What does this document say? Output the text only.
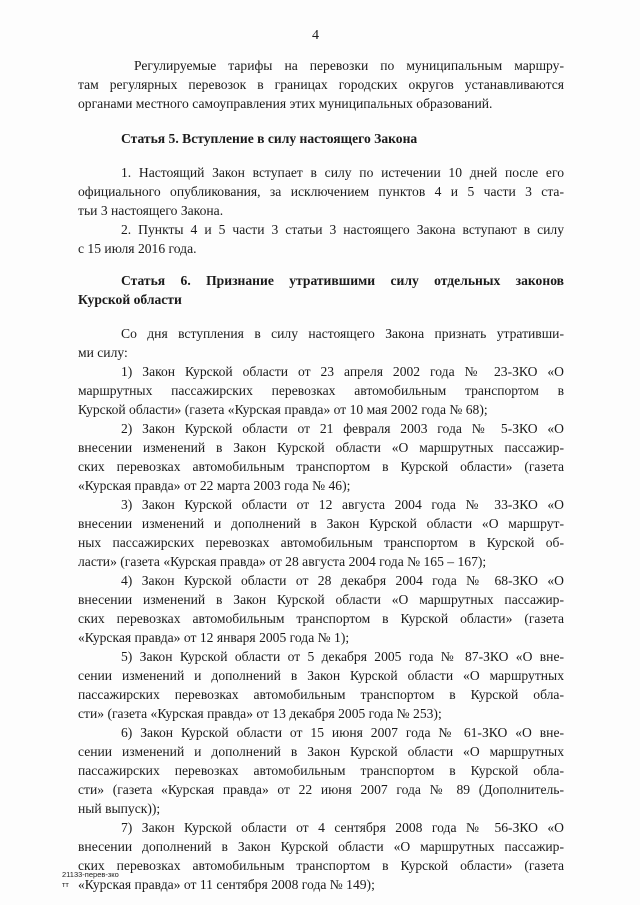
4
Регулируемые тарифы на перевозки по муниципальным маршру-
там регулярных перевозок в границах городских округов устанавливаются
органами местного самоуправления этих муниципальных образований.
Статья 5. Вступление в силу настоящего Закона
1. Настоящий Закон вступает в силу по истечении 10 дней после его
официального опубликования, за исключением пунктов 4 и 5 части 3 ста-
тьи 3 настоящего Закона.
2. Пункты 4 и 5 части 3 статьи 3 настоящего Закона вступают в силу
с 15 июля 2016 года.
Статья 6. Признание утратившими силу отдельных законов
Курской области
Со дня вступления в силу настоящего Закона признать утративши-
ми силу:
1) Закон Курской области от 23 апреля 2002 года № 23-ЗКО «О
маршрутных пассажирских перевозках автомобильным транспортом в
Курской области» (газета «Курская правда» от 10 мая 2002 года № 68);
2) Закон Курской области от 21 февраля 2003 года № 5-ЗКО «О
внесении изменений в Закон Курской области «О маршрутных пассажир-
ских перевозках автомобильным транспортом в Курской области» (газета
«Курская правда» от 22 марта 2003 года № 46);
3) Закон Курской области от 12 августа 2004 года № 33-ЗКО «О
внесении изменений и дополнений в Закон Курской области «О маршрут-
ных пассажирских перевозках автомобильным транспортом в Курской об-
ласти» (газета «Курская правда» от 28 августа 2004 года № 165 – 167);
4) Закон Курской области от 28 декабря 2004 года № 68-ЗКО «О
внесении изменений в Закон Курской области «О маршрутных пассажир-
ских перевозках автомобильным транспортом в Курской области» (газета
«Курская правда» от 12 января 2005 года № 1);
5) Закон Курской области от 5 декабря 2005 года № 87-ЗКО «О вне-
сении изменений и дополнений в Закон Курской области «О маршрутных
пассажирских перевозках автомобильным транспортом в Курской обла-
сти» (газета «Курская правда» от 13 декабря 2005 года № 253);
6) Закон Курской области от 15 июня 2007 года № 61-ЗКО «О вне-
сении изменений и дополнений в Закон Курской области «О маршрутных
пассажирских перевозках автомобильным транспортом в Курской обла-
сти» (газета «Курская правда» от 22 июня 2007 года № 89 (Дополнитель-
ный выпуск));
7) Закон Курской области от 4 сентября 2008 года № 56-ЗКО «О
внесении дополнений в Закон Курской области «О маршрутных пассажир-
ских перевозках автомобильным транспортом в Курской области» (газета
«Курская правда» от 11 сентября 2008 года № 149);
21133-перев-зко
тт
